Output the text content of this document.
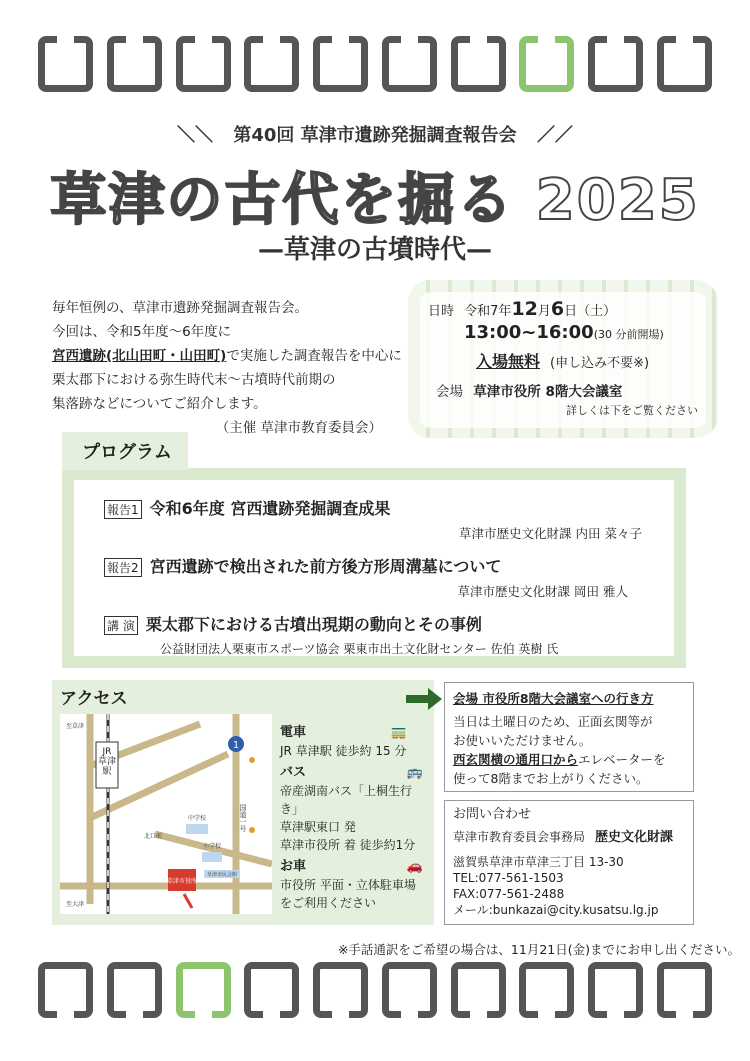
＼＼ 第40回 草津市遺跡発掘調査報告会 ／／
草津の古代を掘る 2025
—草津の古墳時代—
毎年恒例の、草津市遺跡発掘調査報告会。
今回は、令和5年度～6年度に
宮西遺跡(北山田町・山田町)で実施した調査報告を中心に
栗太郡下における弥生時代末～古墳時代前期の
集落跡などについてご紹介します。
（主催 草津市教育委員会）
日時 令和7年12月6日（土）
13:00~16:00(30 分前開場)
入場無料 (申し込み不要※)
会場 草津市役所 8階大会議室
詳しくは下をご覧ください
報告1 令和6年度 宮西遺跡発掘調査成果
草津市歴史文化財課 内田 菜々子
報告2 宮西遺跡で検出された前方後方形周溝墓について
草津市歴史文化財課 岡田 雅人
講 演 栗太郡下における古墳出現期の動向とその事例
公益財団法人栗東市スポーツ協会 栗東市出土文化財センター 佐伯 英樹 氏
プログラム
アクセス
JR 草津駅
1
中学校
小学校
草津市民会館
草津市役所
国道一号
北口前
至草津
至大津
電車	🚃
JR 草津駅 徒歩約 15 分
バス	🚌
帝産湖南バス「上桐生行き」
草津駅東口 発
草津市役所 着 徒歩約1分
お車	🚗
市役所 平面・立体駐車場
をご利用ください
会場 市役所8階大会議室への行き方
当日は土曜日のため、正面玄関等が
お使いいただけません。
西玄関横の通用口からエレベーターを
使って8階までお上がりください。
お問い合わせ
草津市教育委員会事務局 歴史文化財課
滋賀県草津市草津三丁目 13-30
TEL:077-561-1503
FAX:077-561-2488
メール:bunkazai@city.kusatsu.lg.jp
※手話通訳をご希望の場合は、11月21日(金)までにお申し出ください。
